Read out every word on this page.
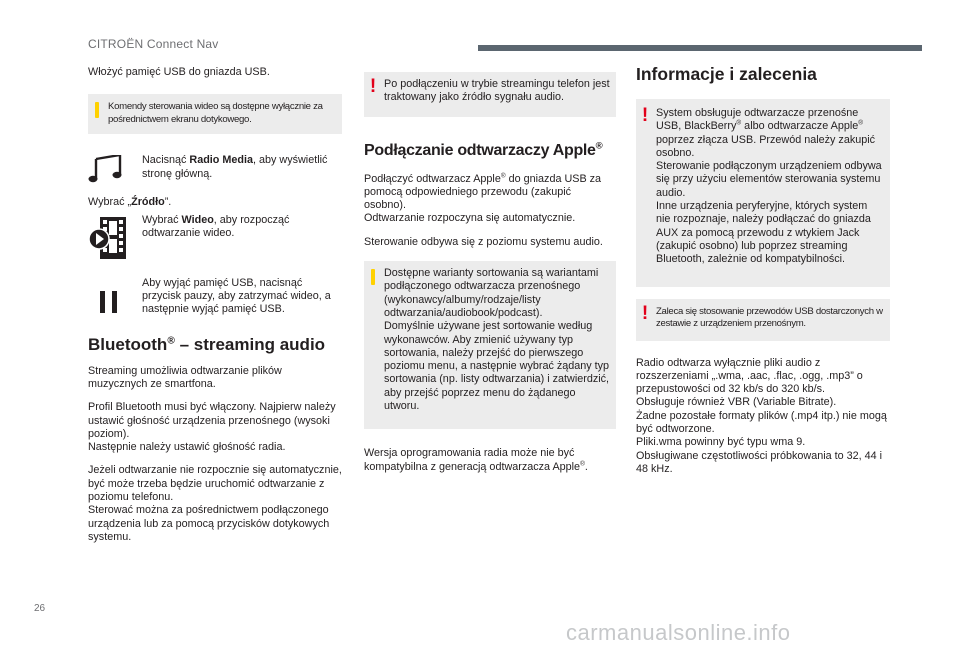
CITROËN Connect Nav

Włożyć pamięć USB do gniazda USB.

Komendy sterowania wideo są dostępne wyłącznie za pośrednictwem ekranu dotykowego.

Nacisnąć Radio Media, aby wyświetlić stronę główną.

Wybrać „Źródło”.

Wybrać Wideo, aby rozpocząć odtwarzanie wideo.

Aby wyjąć pamięć USB, nacisnąć przycisk pauzy, aby zatrzymać wideo, a następnie wyjąć pamięć USB.

Bluetooth® – streaming audio

Streaming umożliwia odtwarzanie plików muzycznych ze smartfona.

Profil Bluetooth musi być włączony. Najpierw należy ustawić głośność urządzenia przenośnego (wysoki poziom).
Następnie należy ustawić głośność radia.

Jeżeli odtwarzanie nie rozpocznie się automatycznie, być może trzeba będzie uruchomić odtwarzanie z poziomu telefonu.
Sterować można za pośrednictwem podłączonego urządzenia lub za pomocą przycisków dotykowych systemu.

! Po podłączeniu w trybie streamingu telefon jest traktowany jako źródło sygnału audio.

Podłączanie odtwarzaczy Apple®

Podłączyć odtwarzacz Apple® do gniazda USB za pomocą odpowiedniego przewodu (zakupić osobno).
Odtwarzanie rozpoczyna się automatycznie.

Sterowanie odbywa się z poziomu systemu audio.

Dostępne warianty sortowania są wariantami podłączonego odtwarzacza przenośnego (wykonawcy/albumy/rodzaje/listy odtwarzania/audiobook/podcast).
Domyślnie używane jest sortowanie według wykonawców. Aby zmienić używany typ sortowania, należy przejść do pierwszego poziomu menu, a następnie wybrać żądany typ sortowania (np. listy odtwarzania) i zatwierdzić, aby przejść poprzez menu do żądanego utworu.

Wersja oprogramowania radia może nie być kompatybilna z generacją odtwarzacza Apple®.

Informacje i zalecenia
! System obsługuje odtwarzacze przenośne USB, BlackBerry® albo odtwarzacze Apple® poprzez złącza USB. Przewód należy zakupić osobno.
Sterowanie podłączonym urządzeniem odbywa się przy użyciu elementów sterowania systemu audio.
Inne urządzenia peryferyjne, których system nie rozpoznaje, należy podłączać do gniazda AUX za pomocą przewodu z wtykiem Jack (zakupić osobno) lub poprzez streaming Bluetooth, zależnie od kompatybilności.

! Zaleca się stosowanie przewodów USB dostarczonych w zestawie z urządzeniem przenośnym.

Radio odtwarza wyłącznie pliki audio z rozszerzeniami „.wma, .aac, .flac, .ogg, .mp3” o przepustowości od 32 kb/s do 320 kb/s.
Obsługuje również VBR (Variable Bitrate).
Żadne pozostałe formaty plików (.mp4 itp.) nie mogą być odtworzone.
Pliki.wma powinny być typu wma 9.
Obsługiwane częstotliwości próbkowania to 32, 44 i 48 kHz.

26
carmanualsonline.info
